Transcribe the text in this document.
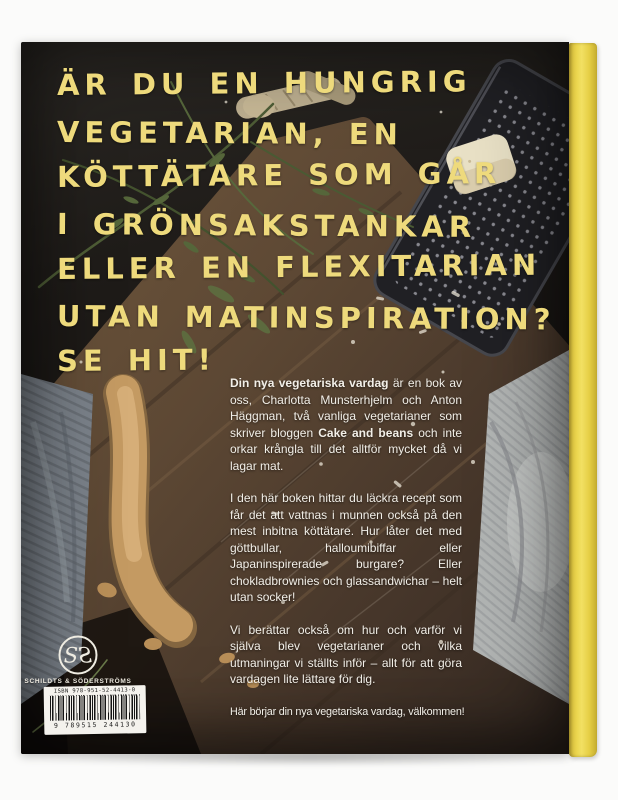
ÄR DU EN HUNGRIG
VEGETARIAN, EN
KÖTTÄTARE SOM GÅR
I GRÖNSAKSTANKAR
ELLER EN FLEXITARIAN
UTAN MATINSPIRATION?
SE HIT!

Din nya vegetariska vardag är en bok av oss, Charlotta Munsterhjelm och Anton Häggman, två vanliga vegetarianer som skriver bloggen Cake and beans och inte orkar krångla till det alltför mycket då vi lagar mat.

I den här boken hittar du läckra recept som får det att vattnas i munnen också på den mest inbitna köttätare. Hur låter det med göttbullar, halloumibiffar eller Japaninspirerade burgare? Eller chokladbrownies och glassandwichar – helt utan socker!

Vi berättar också om hur och varför vi själva blev vegetarianer och vilka utmaningar vi ställts inför – allt för att göra vardagen lite lättare för dig.

Här börjar din nya vegetariska vardag, välkommen!

S S
SCHILDTS & SÖDERSTRÖMS
ISBN 978-951-52-4413-0
9 789515 244130
